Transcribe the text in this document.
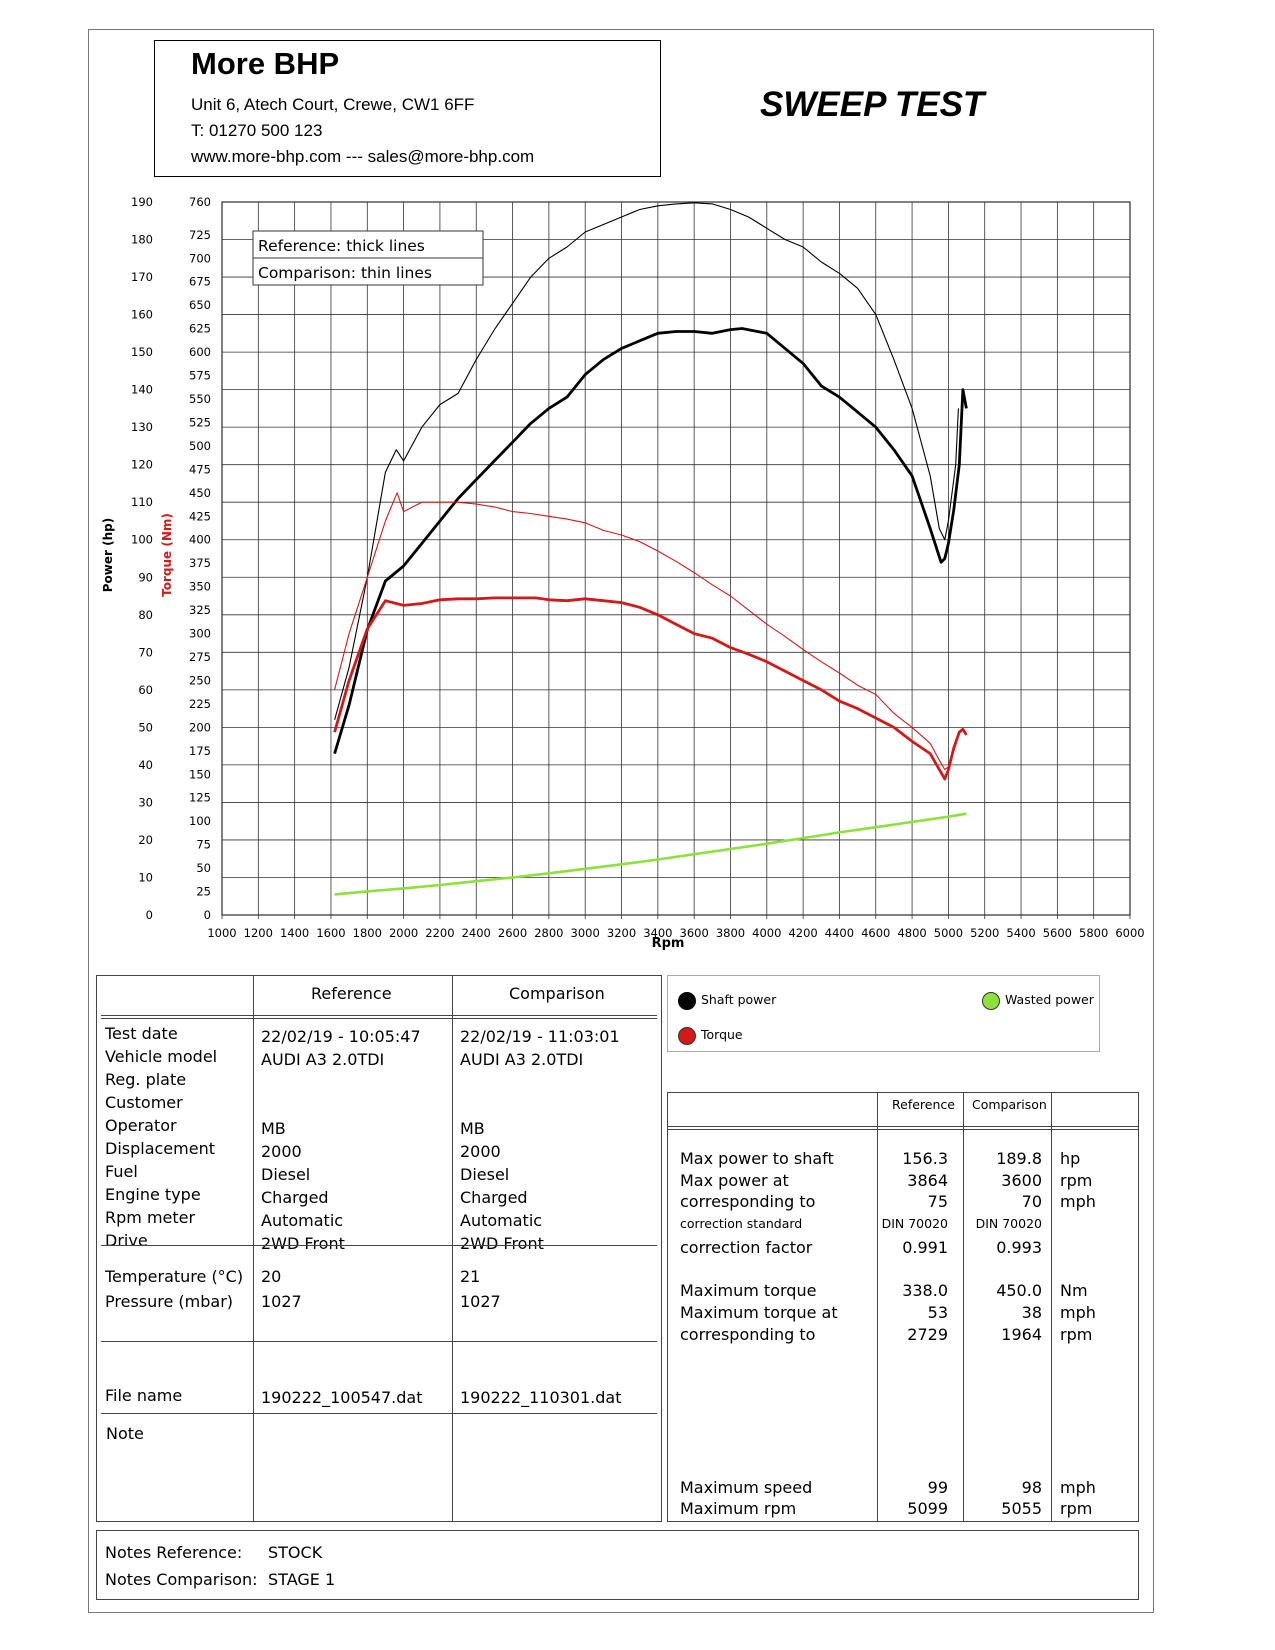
More BHP
Unit 6, Atech Court, Crewe, CW1 6FF
T: 01270 500 123
www.more-bhp.com --- sales@more-bhp.com
SWEEP TEST
1000 1200 1400 1600 1800 2000 2200 2400 2600 2800 3000 3200 3400 3600 3800 4000 4200 4400 4600 4800 5000 5200 5400 5600 5800 6000
190
180
170
160
150
140
130
120
110
100
90
80
70
60
50
40
30
20
10
0
760
725
700
675
650
625
600
575
550
525
500
475
450
425
400
375
350
325
300
275
250
225
200
175
150
125
100
75
50
25
0
Rpm
Power (hp)	Torque (Nm)
Reference: thick lines
Comparison: thin lines
Shaft power
Torque
Wasted power
Reference	Comparison
Test date	22/02/19 - 10:05:47 22/02/19 - 11:03:01
Vehicle model	AUDI A3 2.0TDI	AUDI A3 2.0TDI
Reg. plate
Customer
Operator	MB	MB
Displacement	2000	2000
Fuel	Diesel	Diesel
Engine type	Charged	Charged
Rpm meter	Automatic	Automatic
Drive	2WD Front	2WD Front
Temperature (°C) 20	21
Pressure (mbar) 1027	1027
File name	190222_100547.dat 190222_110301.dat
Note
Reference Comparison
Max power to shaft	156.3	189.8 hp
Max power at	3864	3600 rpm
corresponding to	75	70 mph
correction standard	DIN 70020	DIN 70020
correction factor	0.991	0.993
Maximum torque	338.0	450.0 Nm
Maximum torque at	53	38 mph
corresponding to	2729	1964 rpm
Maximum speed	99	98 mph
Maximum rpm	5099	5055 rpm
Notes Reference: STOCK
Notes Comparison: STAGE 1
